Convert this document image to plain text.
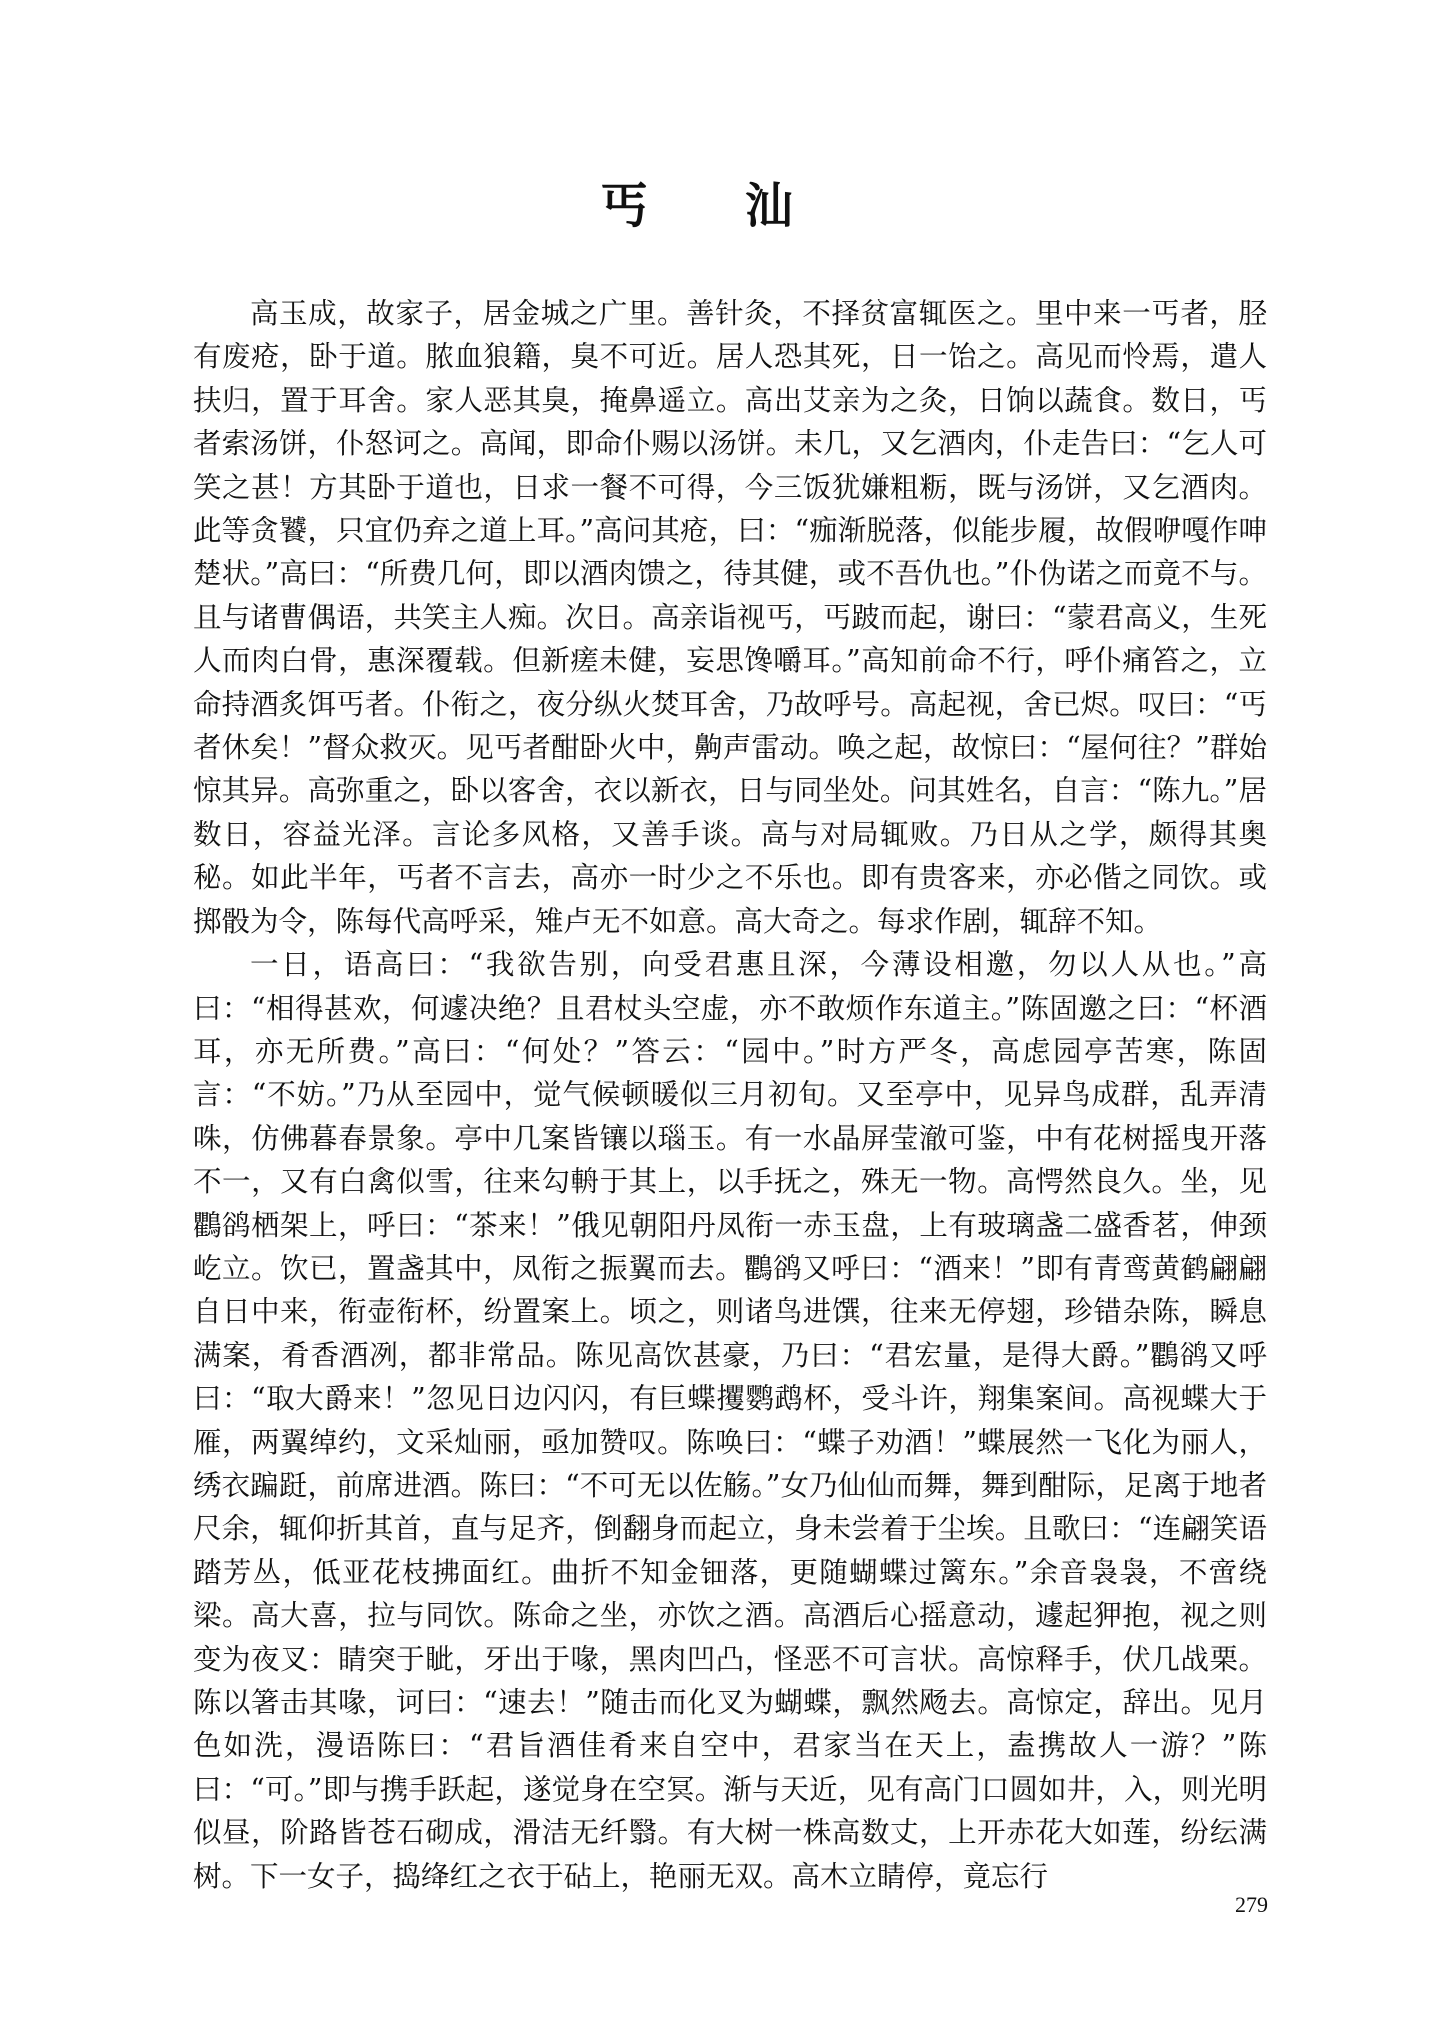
丐 汕

高玉成，故家子，居金城之广里。善针灸，不择贫富辄医之。里中来一丐者，胫有废疮，卧于道。脓血狼籍，臭不可近。居人恐其死，日一饴之。高见而怜焉，遣人扶归，置于耳舍。家人恶其臭，掩鼻遥立。高出艾亲为之灸，日饷以蔬食。数日，丐者索汤饼，仆怒诃之。高闻，即命仆赐以汤饼。未几，又乞酒肉，仆走告曰：“乞人可笑之甚！方其卧于道也，日求一餐不可得，今三饭犹嫌粗粝，既与汤饼，又乞酒肉。此等贪饕，只宜仍弃之道上耳。”高问其疮，曰：“痂渐脱落，似能步履，故假咿嘎作呻楚状。”高曰：“所费几何，即以酒肉馈之，待其健，或不吾仇也。”仆伪诺之而竟不与。且与诸曹偶语，共笑主人痴。次日。高亲诣视丐，丐跛而起，谢曰：“蒙君高义，生死人而肉白骨，惠深覆载。但新瘥未健，妄思馋嚼耳。”高知前命不行，呼仆痛笞之，立命持酒炙饵丐者。仆衔之，夜分纵火焚耳舍，乃故呼号。高起视，舍已烬。叹曰：“丐者休矣！”督众救灭。见丐者酣卧火中，齁声雷动。唤之起，故惊曰：“屋何往？”群始惊其异。高弥重之，卧以客舍，衣以新衣，日与同坐处。问其姓名，自言：“陈九。”居数日，容益光泽。言论多风格，又善手谈。高与对局辄败。乃日从之学，颇得其奥秘。如此半年，丐者不言去，高亦一时少之不乐也。即有贵客来，亦必偕之同饮。或掷骰为令，陈每代高呼采，雉卢无不如意。高大奇之。每求作剧，辄辞不知。

一日，语高曰：“我欲告别，向受君惠且深，今薄设相邀，勿以人从也。”高曰：“相得甚欢，何遽决绝？且君杖头空虚，亦不敢烦作东道主。”陈固邀之曰：“杯酒耳，亦无所费。”高曰：“何处？”答云：“园中。”时方严冬，高虑园亭苦寒，陈固言：“不妨。”乃从至园中，觉气候顿暖似三月初旬。又至亭中，见异鸟成群，乱弄清咮，仿佛暮春景象。亭中几案皆镶以瑙玉。有一水晶屏莹澈可鉴，中有花树摇曳开落不一，又有白禽似雪，往来勾輈于其上，以手抚之，殊无一物。高愕然良久。坐，见鸜鹆栖架上，呼曰：“茶来！”俄见朝阳丹凤衔一赤玉盘，上有玻璃盏二盛香茗，伸颈屹立。饮已，置盏其中，凤衔之振翼而去。鸜鹆又呼曰：“酒来！”即有青鸾黄鹤翩翩自日中来，衔壶衔杯，纷置案上。顷之，则诸鸟进馔，往来无停翅，珍错杂陈，瞬息满案，肴香酒冽，都非常品。陈见高饮甚豪，乃曰：“君宏量，是得大爵。”鸜鹆又呼曰：“取大爵来！”忽见日边闪闪，有巨蝶攫鹦鹉杯，受斗许，翔集案间。高视蝶大于雁，两翼绰约，文采灿丽，亟加赞叹。陈唤曰：“蝶子劝酒！”蝶展然一飞化为丽人，绣衣蹁跹，前席进酒。陈曰：“不可无以佐觞。”女乃仙仙而舞，舞到酣际，足离于地者尺余，辄仰折其首，直与足齐，倒翻身而起立，身未尝着于尘埃。且歌曰：“连翩笑语踏芳丛，低亚花枝拂面红。曲折不知金钿落，更随蝴蝶过篱东。”余音袅袅，不啻绕梁。高大喜，拉与同饮。陈命之坐，亦饮之酒。高酒后心摇意动，遽起狎抱，视之则变为夜叉：睛突于眦，牙出于喙，黑肉凹凸，怪恶不可言状。高惊释手，伏几战栗。陈以箸击其喙，诃曰：“速去！”随击而化叉为蝴蝶，飘然飏去。高惊定，辞出。见月色如洗，漫语陈曰：“君旨酒佳肴来自空中，君家当在天上，盍携故人一游？”陈曰：“可。”即与携手跃起，遂觉身在空冥。渐与天近，见有高门口圆如井，入，则光明似昼，阶路皆苍石砌成，滑洁无纤翳。有大树一株高数丈，上开赤花大如莲，纷纭满树。下一女子，捣绛红之衣于砧上，艳丽无双。高木立睛停，竟忘行

279
